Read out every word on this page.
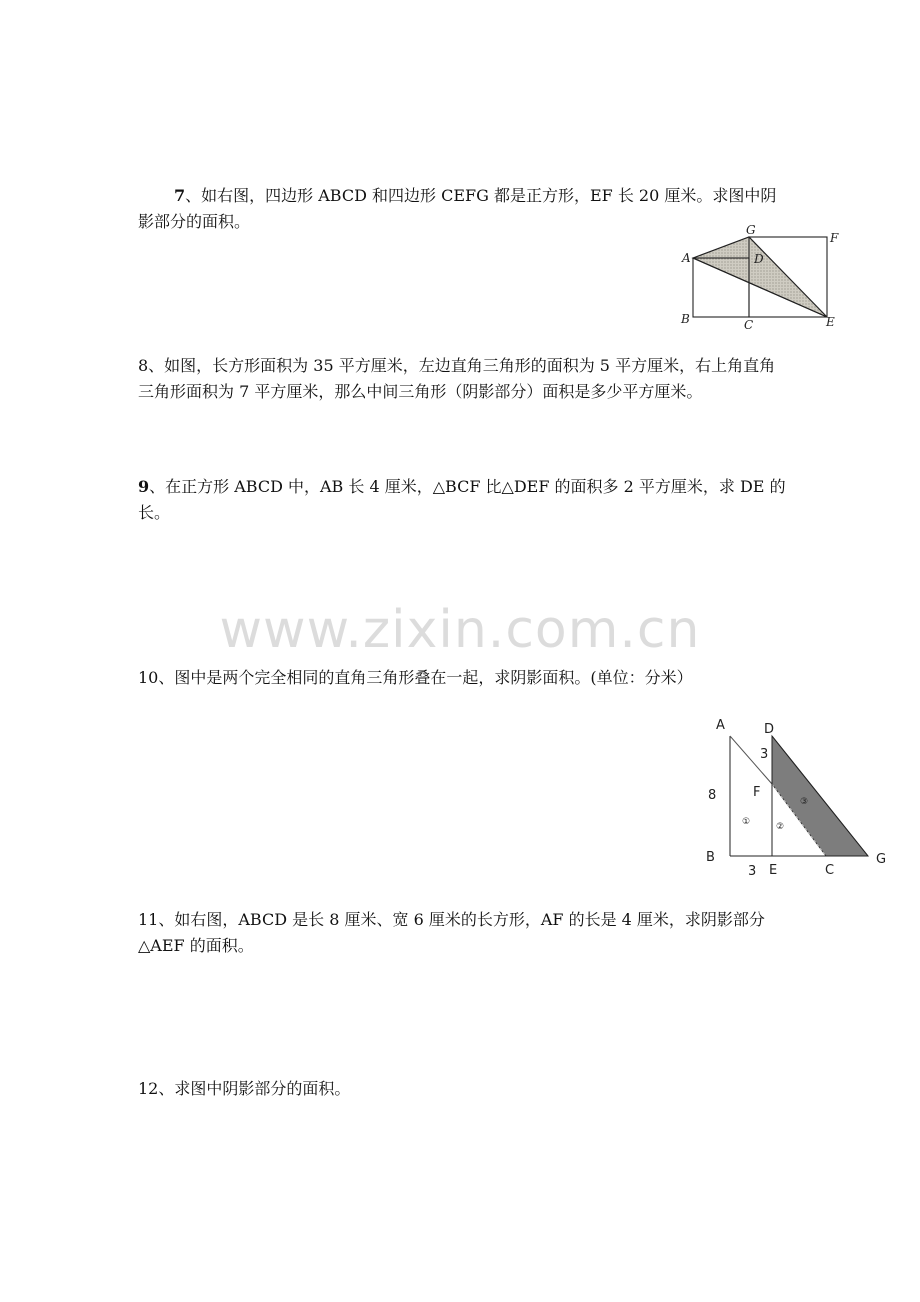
7、如右图，四边形 ABCD 和四边形 CEFG 都是正方形，EF 长 20 厘米。求图中阴影部分的面积。

A
B	C
D
E
F
G

8、如图，长方形面积为 35 平方厘米，左边直角三角形的面积为 5 平方厘米，右上角直角三角形面积为 7 平方厘米，那么中间三角形（阴影部分）面积是多少平方厘米。

9、在正方形 ABCD 中，AB 长 4 厘米，△BCF 比△DEF 的面积多 2 平方厘米，求 DE 的长。

www.zixin.com.cn

10、图中是两个完全相同的直角三角形叠在一起，求阴影面积。(单位：分米）

A	D
3
8	F
①	②
③
B
3 E	C
G

11、如右图，ABCD 是长 8 厘米、宽 6 厘米的长方形，AF 的长是 4 厘米，求阴影部分△AEF 的面积。

12、求图中阴影部分的面积。
